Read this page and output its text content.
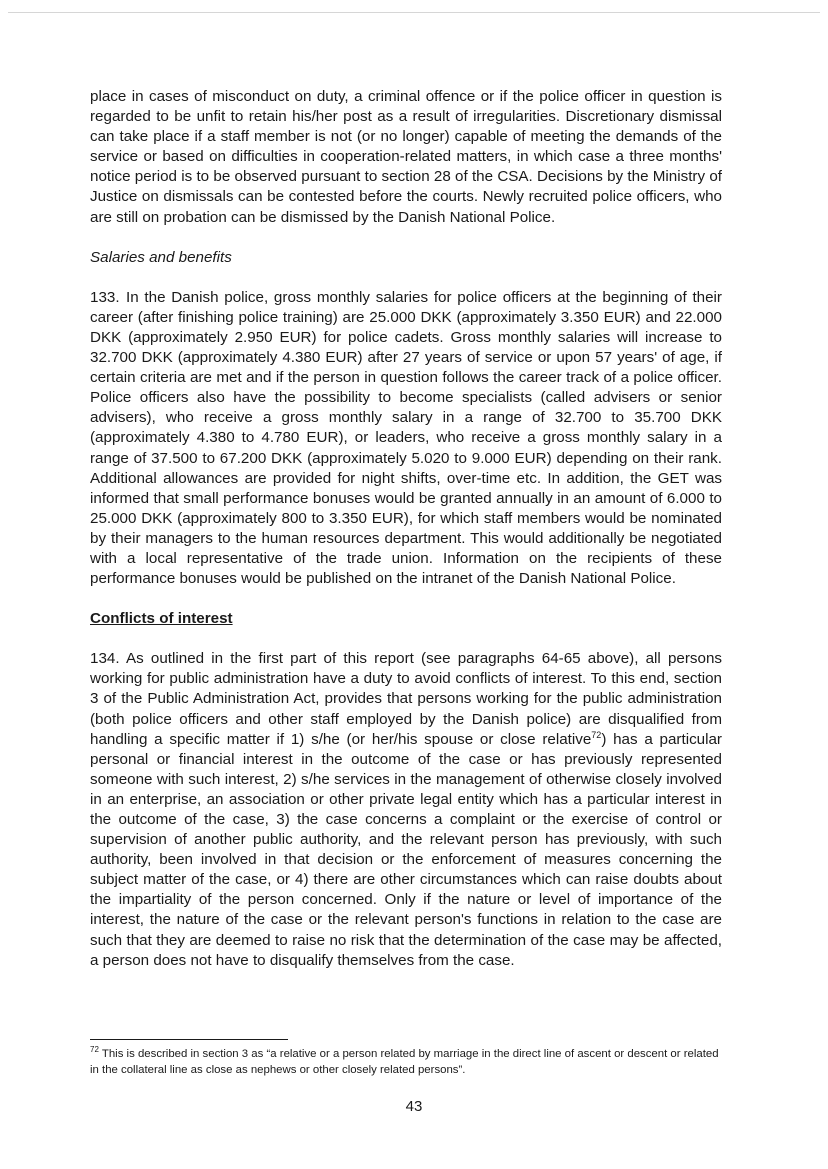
place in cases of misconduct on duty, a criminal offence or if the police officer in question is regarded to be unfit to retain his/her post as a result of irregularities. Discretionary dismissal can take place if a staff member is not (or no longer) capable of meeting the demands of the service or based on difficulties in cooperation-related matters, in which case a three months' notice period is to be observed pursuant to section 28 of the CSA. Decisions by the Ministry of Justice on dismissals can be contested before the courts. Newly recruited police officers, who are still on probation can be dismissed by the Danish National Police.

Salaries and benefits

133. In the Danish police, gross monthly salaries for police officers at the beginning of their career (after finishing police training) are 25.000 DKK (approximately 3.350 EUR) and 22.000 DKK (approximately 2.950 EUR) for police cadets. Gross monthly salaries will increase to 32.700 DKK (approximately 4.380 EUR) after 27 years of service or upon 57 years' of age, if certain criteria are met and if the person in question follows the career track of a police officer. Police officers also have the possibility to become specialists (called advisers or senior advisers), who receive a gross monthly salary in a range of 32.700 to 35.700 DKK (approximately 4.380 to 4.780 EUR), or leaders, who receive a gross monthly salary in a range of 37.500 to 67.200 DKK (approximately 5.020 to 9.000 EUR) depending on their rank. Additional allowances are provided for night shifts, over-time etc. In addition, the GET was informed that small performance bonuses would be granted annually in an amount of 6.000 to 25.000 DKK (approximately 800 to 3.350 EUR), for which staff members would be nominated by their managers to the human resources department. This would additionally be negotiated with a local representative of the trade union. Information on the recipients of these performance bonuses would be published on the intranet of the Danish National Police.

Conflicts of interest

134. As outlined in the first part of this report (see paragraphs 64-65 above), all persons working for public administration have a duty to avoid conflicts of interest. To this end, section 3 of the Public Administration Act, provides that persons working for the public administration (both police officers and other staff employed by the Danish police) are disqualified from handling a specific matter if 1) s/he (or her/his spouse or close relative$^{72}$) has a particular personal or financial interest in the outcome of the case or has previously represented someone with such interest, 2) s/he services in the management of otherwise closely involved in an enterprise, an association or other private legal entity which has a particular interest in the outcome of the case, 3) the case concerns a complaint or the exercise of control or supervision of another public authority, and the relevant person has previously, with such authority, been involved in that decision or the enforcement of measures concerning the subject matter of the case, or 4) there are other circumstances which can raise doubts about the impartiality of the person concerned. Only if the nature or level of importance of the interest, the nature of the case or the relevant person's functions in relation to the case are such that they are deemed to raise no risk that the determination of the case may be affected, a person does not have to disqualify themselves from the case.

$^{72}$ This is described in section 3 as “a relative or a person related by marriage in the direct line of ascent or descent or related in the collateral line as close as nephews or other closely related persons”.

43
